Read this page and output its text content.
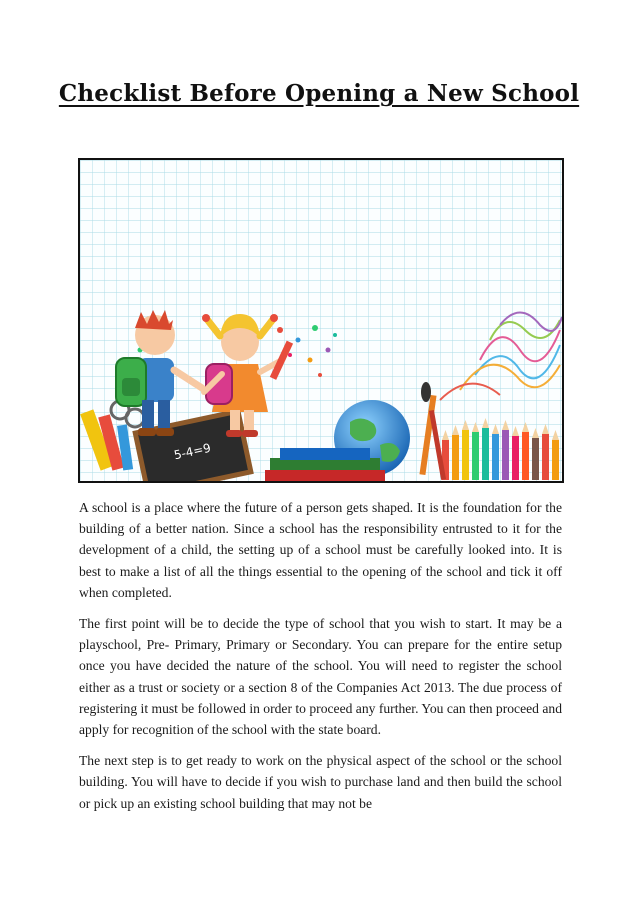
Checklist Before Opening a New School
5-4=9

A school is a place where the future of a person gets shaped. It is the foundation for the building of a better nation. Since a school has the responsibility entrusted to it for the development of a child, the setting up of a school must be carefully looked into. It is best to make a list of all the things essential to the opening of the school and tick it off when completed.

The first point will be to decide the type of school that you wish to start. It may be a playschool, Pre- Primary, Primary or Secondary. You can prepare for the entire setup once you have decided the nature of the school. You will need to register the school either as a trust or society or a section 8 of the Companies Act 2013. The due process of registering it must be followed in order to proceed any further. You can then proceed and apply for recognition of the school with the state board.

The next step is to get ready to work on the physical aspect of the school or the school building. You will have to decide if you wish to purchase land and then build the school or pick up an existing school building that may not be
